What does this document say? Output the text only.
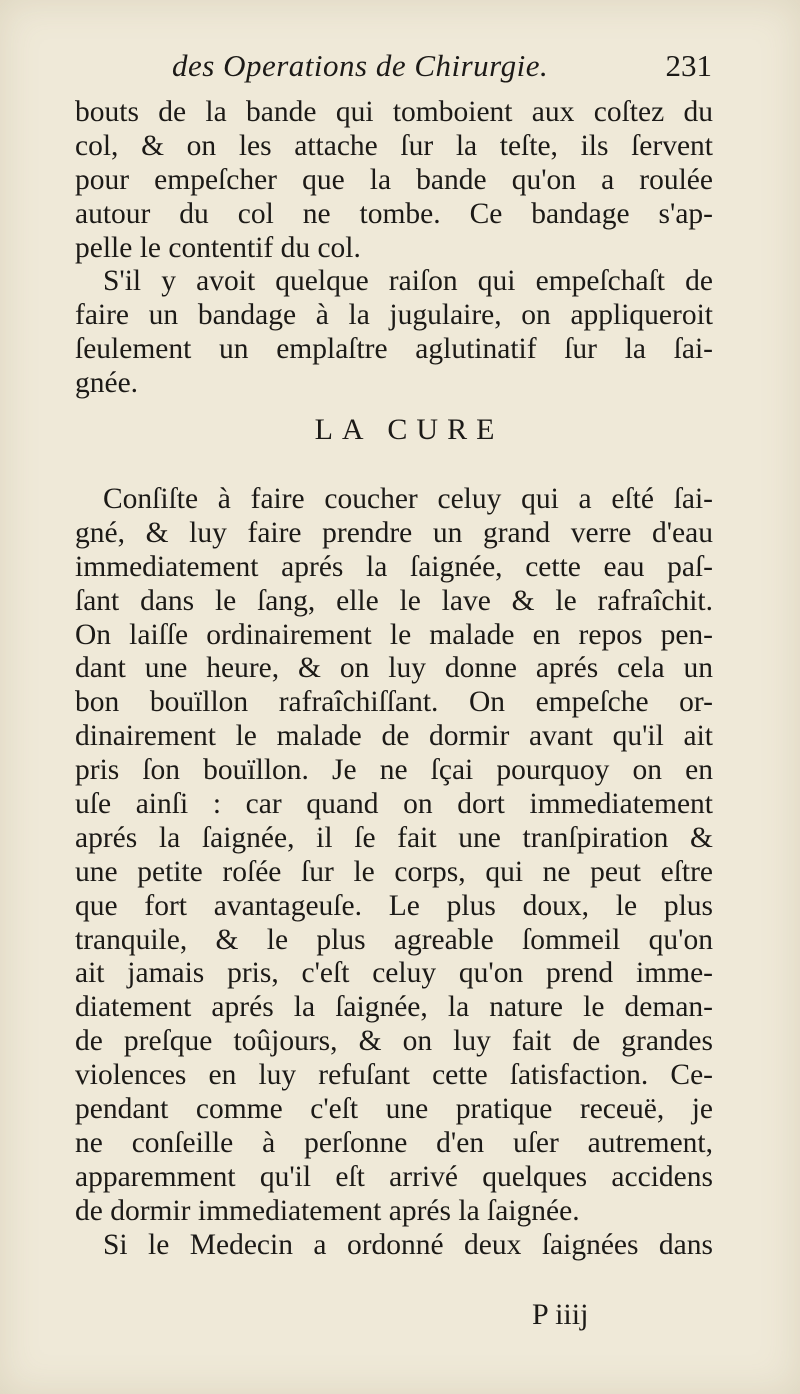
des Operations de Chirurgie.	231
bouts de la bande qui tomboient aux coſtez du
col, & on les attache ſur la teſte, ils ſervent
pour empeſcher que la bande qu'on a roulée
autour du col ne tombe. Ce bandage s'ap-
pelle le contentif du col.
S'il y avoit quelque raiſon qui empeſchaſt de
faire un bandage à la jugulaire, on appliqueroit
ſeulement un emplaſtre aglutinatif ſur la ſai-
gnée.
LA CURE
Conſiſte à faire coucher celuy qui a eſté ſai-
gné, & luy faire prendre un grand verre d'eau
immediatement aprés la ſaignée, cette eau paſ-
ſant dans le ſang, elle le lave & le rafraîchit.
On laiſſe ordinairement le malade en repos pen-
dant une heure, & on luy donne aprés cela un
bon bouïllon rafraîchiſſant. On empeſche or-
dinairement le malade de dormir avant qu'il ait
pris ſon bouïllon. Je ne ſçai pourquoy on en
uſe ainſi : car quand on dort immediatement
aprés la ſaignée, il ſe fait une tranſpiration &
une petite roſée ſur le corps, qui ne peut eſtre
que fort avantageuſe. Le plus doux, le plus
tranquile, & le plus agreable ſommeil qu'on
ait jamais pris, c'eſt celuy qu'on prend imme-
diatement aprés la ſaignée, la nature le deman-
de preſque toûjours, & on luy fait de grandes
violences en luy refuſant cette ſatisfaction. Ce-
pendant comme c'eſt une pratique receuë, je
ne conſeille à perſonne d'en uſer autrement,
apparemment qu'il eſt arrivé quelques accidens
de dormir immediatement aprés la ſaignée.
Si le Medecin a ordonné deux ſaignées dans
P iiij
